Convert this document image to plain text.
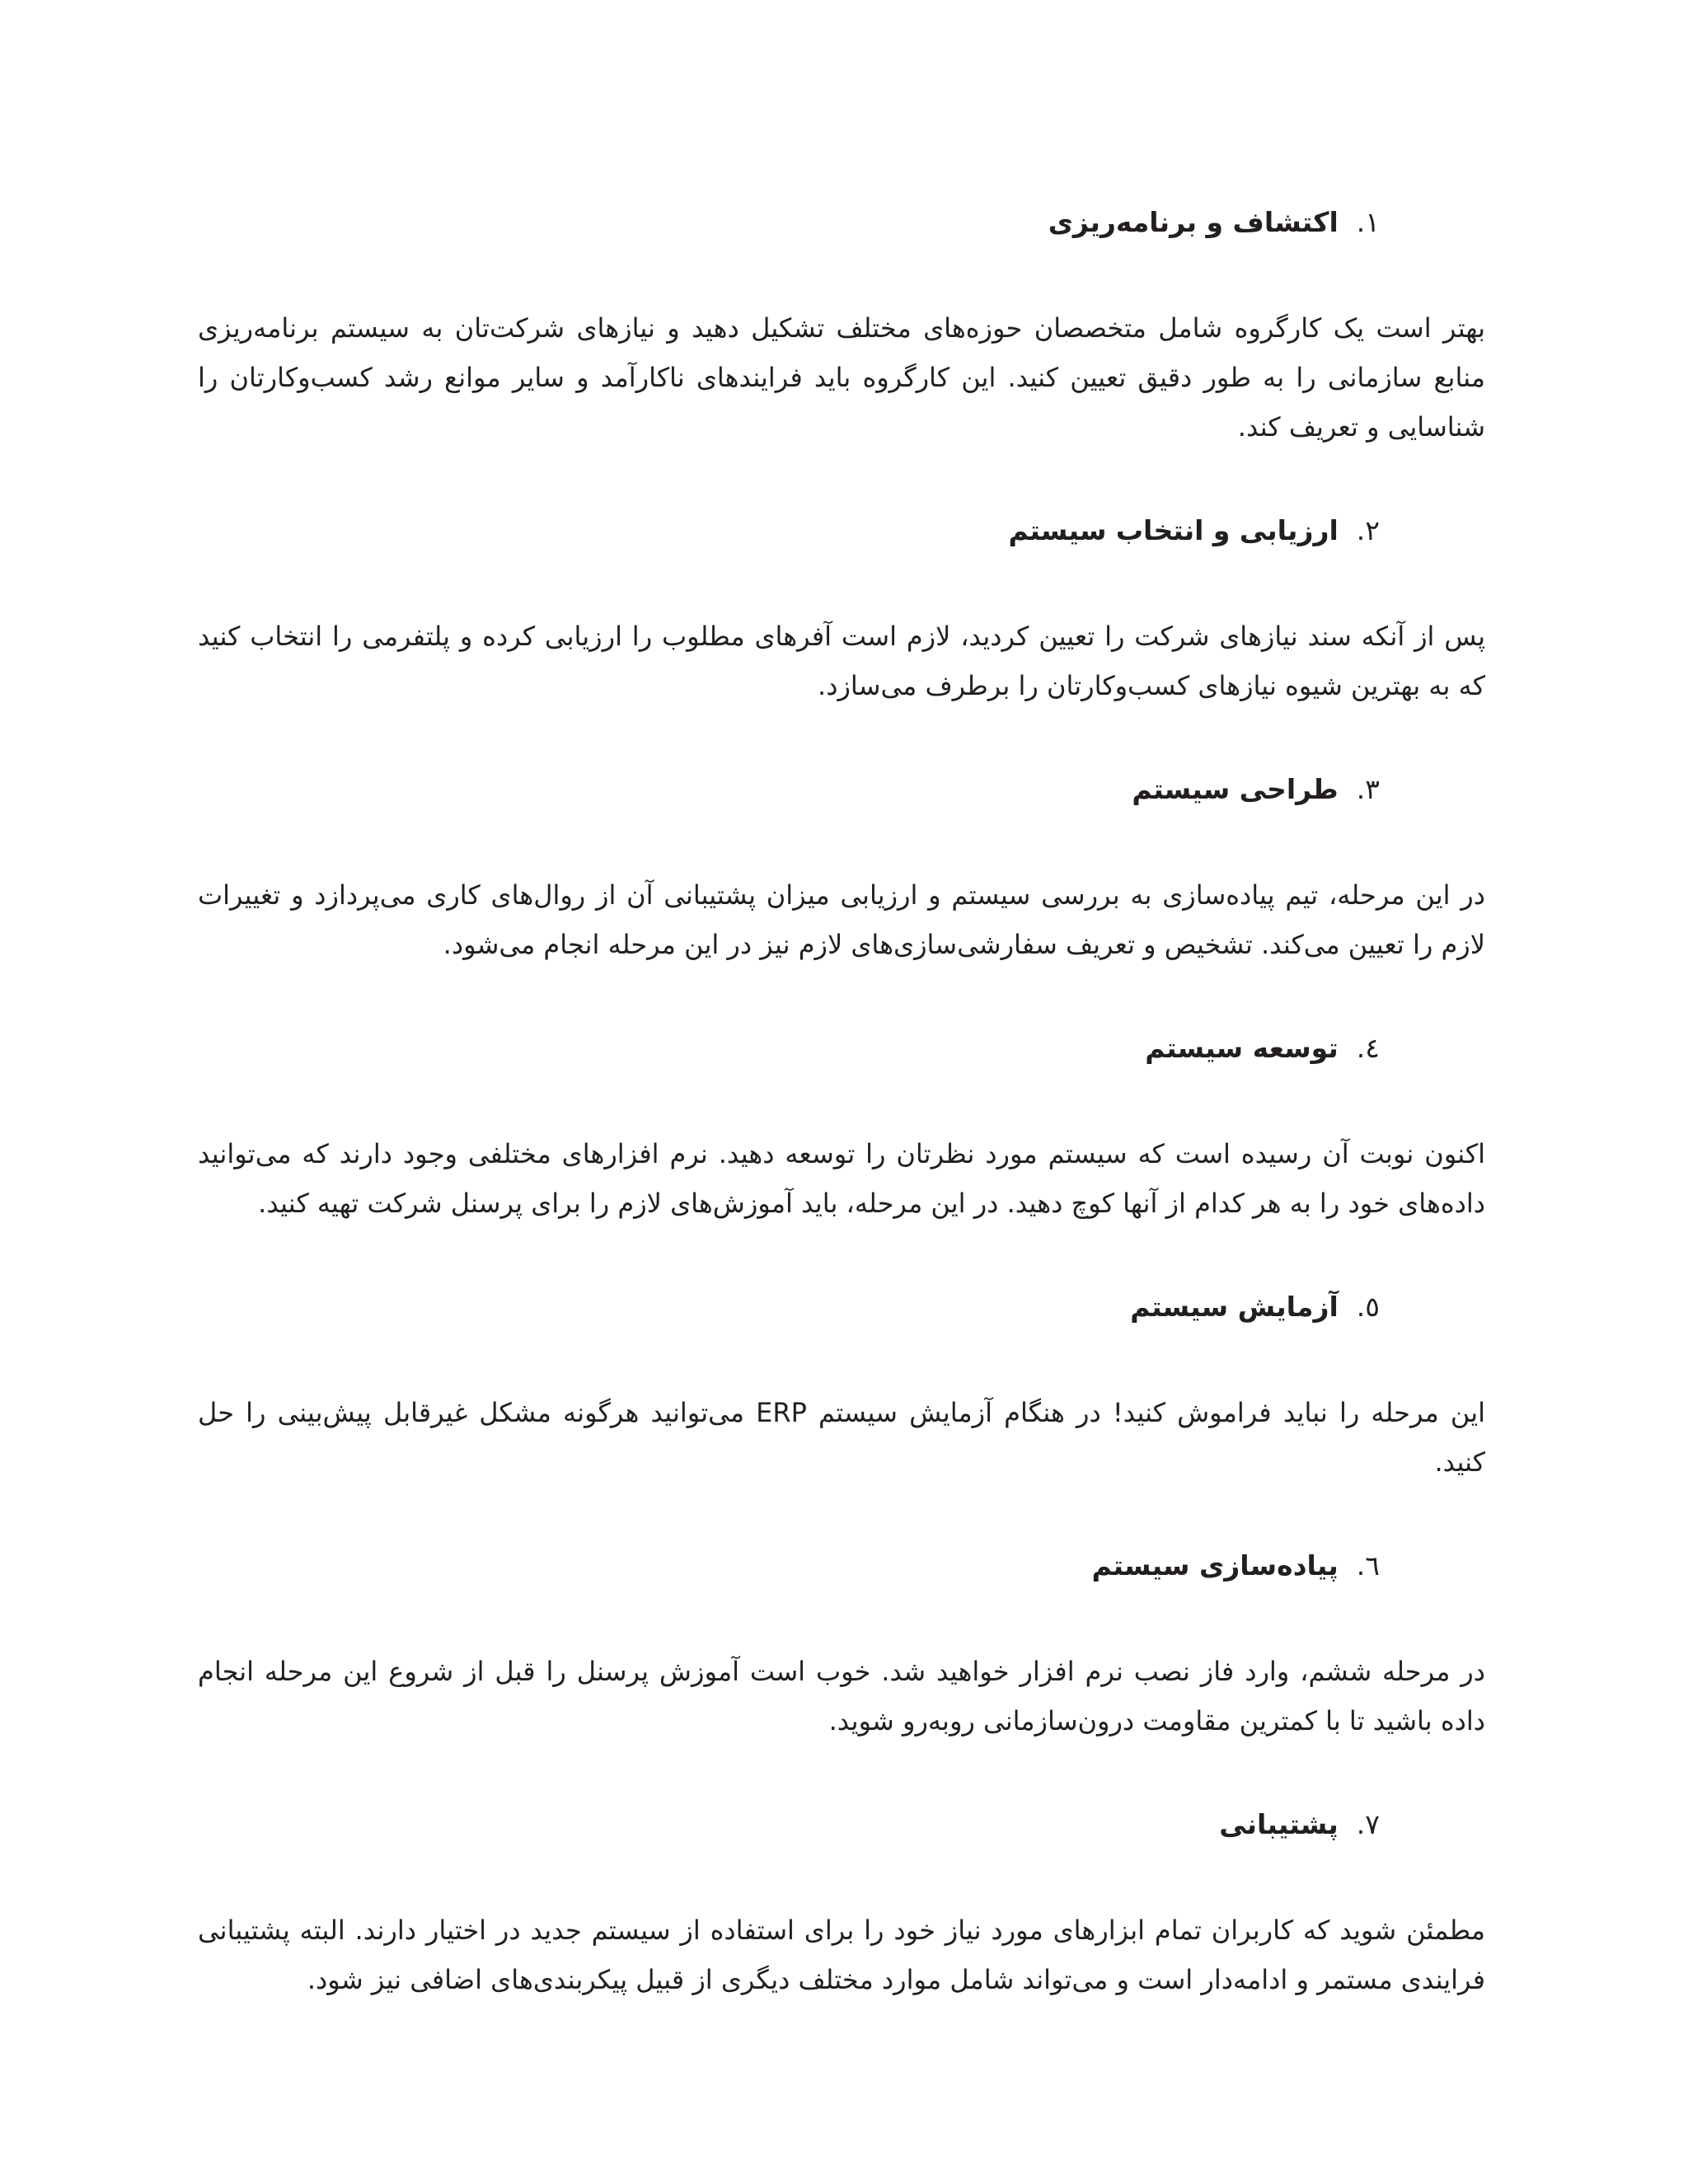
١.اکتشاف و برنامه‌ریزی

بهتر است یک کارگروه شامل متخصصان حوزه‌های مختلف تشکیل دهید و نیازهای شرکت‌تان به سیستم برنامه‌ریزی منابع سازمانی را به طور دقیق تعیین کنید. این کارگروه باید فرایندهای ناکارآمد و سایر موانع رشد کسب‌وکارتان را شناسایی و تعریف کند.

٢.ارزیابی و انتخاب سیستم

پس از آنکه سند نیازهای شرکت را تعیین کردید، لازم است آفرهای مطلوب را ارزیابی کرده و پلتفرمی را انتخاب کنید که به بهترین شیوه نیازهای کسب‌وکارتان را برطرف می‌سازد.

٣.طراحی سیستم

در این مرحله، تیم پیاده‌سازی به بررسی سیستم و ارزیابی میزان پشتیبانی آن از روال‌های کاری می‌پردازد و تغییرات لازم را تعیین می‌کند. تشخیص و تعریف سفارشی‌سازی‌های لازم نیز در این مرحله انجام می‌شود.

٤.توسعه سیستم

اکنون نوبت آن رسیده است که سیستم مورد نظرتان را توسعه دهید. نرم افزارهای مختلفی وجود دارند که می‌توانید داده‌های خود را به هر کدام از آنها کوچ دهید. در این مرحله، باید آموزش‌های لازم را برای پرسنل شرکت تهیه کنید.

٥.آزمایش سیستم

این مرحله را نباید فراموش کنید! در هنگام آزمایش سیستم ERP می‌توانید هرگونه مشکل غیرقابل پیش‌بینی را حل کنید.

٦.پیاده‌سازی سیستم

در مرحله ششم، وارد فاز نصب نرم افزار خواهید شد. خوب است آموزش پرسنل را قبل از شروع این مرحله انجام داده باشید تا با کمترین مقاومت درون‌سازمانی روبه‌رو شوید.

٧.پشتیبانی

مطمئن شوید که کاربران تمام ابزارهای مورد نیاز خود را برای استفاده از سیستم جدید در اختیار دارند. البته پشتیبانی فرایندی مستمر و ادامه‌دار است و می‌تواند شامل موارد مختلف دیگری از قبیل پیکربندی‌های اضافی نیز شود.
